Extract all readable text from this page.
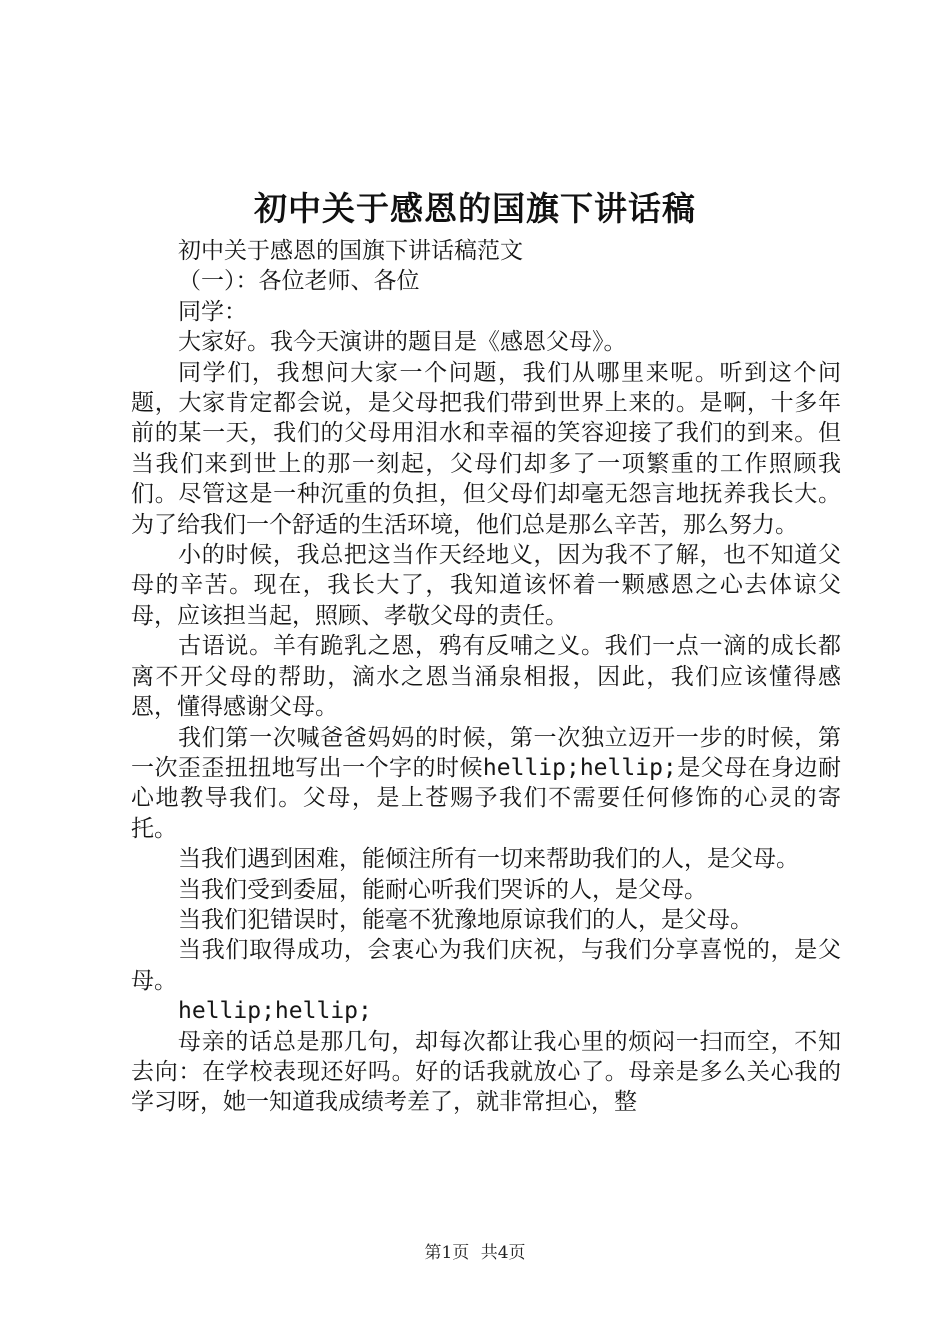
初中关于感恩的国旗下讲话稿

初中关于感恩的国旗下讲话稿范文

（一）：各位老师、各位

同学：

大家好。我今天演讲的题目是《感恩父母》。

同学们，我想问大家一个问题，我们从哪里来呢。听到这个问题，大家肯定都会说，是父母把我们带到世界上来的。是啊，十多年前的某一天，我们的父母用泪水和幸福的笑容迎接了我们的到来。但当我们来到世上的那一刻起，父母们却多了一项繁重的工作照顾我们。尽管这是一种沉重的负担，但父母们却毫无怨言地抚养我长大。为了给我们一个舒适的生活环境，他们总是那么辛苦，那么努力。

小的时候，我总把这当作天经地义，因为我不了解，也不知道父母的辛苦。现在，我长大了，我知道该怀着一颗感恩之心去体谅父母，应该担当起，照顾、孝敬父母的责任。

古语说。羊有跪乳之恩，鸦有反哺之义。我们一点一滴的成长都离不开父母的帮助，滴水之恩当涌泉相报，因此，我们应该懂得感恩，懂得感谢父母。

我们第一次喊爸爸妈妈的时候，第一次独立迈开一步的时候，第一次歪歪扭扭地写出一个字的时候hellip;hellip;是父母在身边耐心地教导我们。父母，是上苍赐予我们不需要任何修饰的心灵的寄托。

当我们遇到困难，能倾注所有一切来帮助我们的人，是父母。

当我们受到委屈，能耐心听我们哭诉的人，是父母。

当我们犯错误时，能毫不犹豫地原谅我们的人，是父母。

当我们取得成功，会衷心为我们庆祝，与我们分享喜悦的，是父母。

hellip;hellip;

母亲的话总是那几句，却每次都让我心里的烦闷一扫而空，不知去向：在学校表现还好吗。好的话我就放心了。母亲是多么关心我的学习呀，她一知道我成绩考差了，就非常担心，整

第1页 共4页
